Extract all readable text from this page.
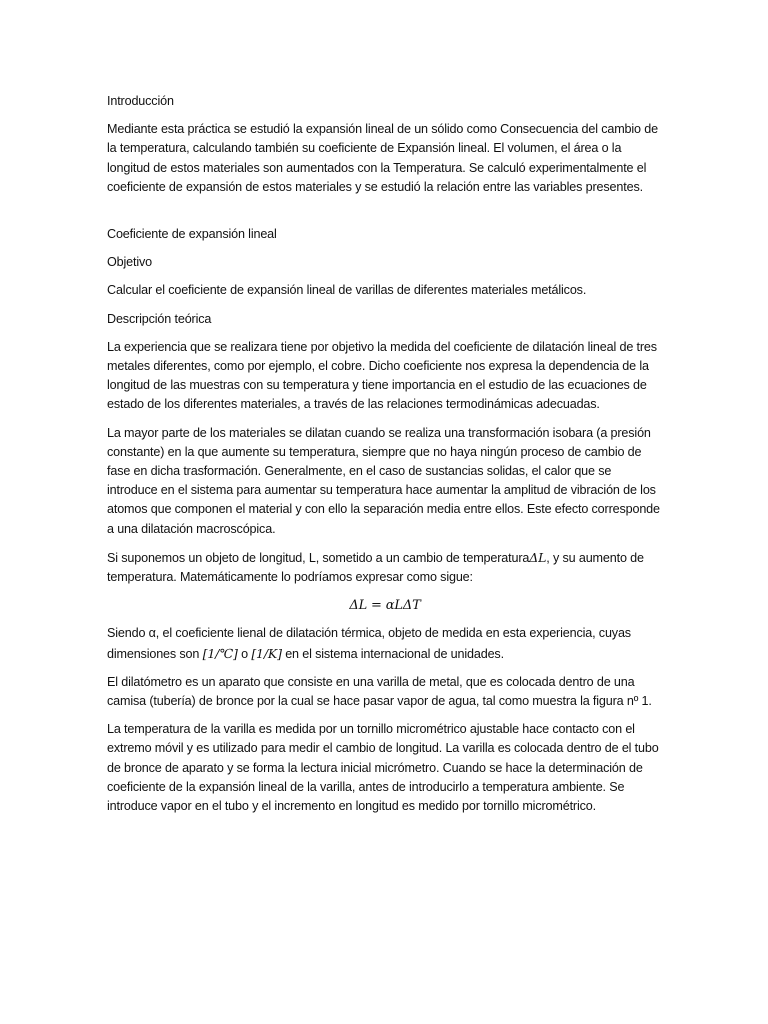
Introducción

Mediante esta práctica se estudió la expansión lineal de un sólido como Consecuencia del cambio de la temperatura, calculando también su coeficiente de Expansión lineal. El volumen, el área o la longitud de estos materiales son aumentados con la Temperatura. Se calculó experimentalmente el coeficiente de expansión de estos materiales y se estudió la relación entre las variables presentes.

Coeficiente de expansión lineal

Objetivo

Calcular el coeficiente de expansión lineal de varillas de diferentes materiales metálicos.

Descripción teórica

La experiencia que se realizara tiene por objetivo la medida del coeficiente de dilatación lineal de tres metales diferentes, como por ejemplo, el cobre. Dicho coeficiente nos expresa la dependencia de la longitud de las muestras con su temperatura y tiene importancia en el estudio de las ecuaciones de estado de los diferentes materiales, a través de las relaciones termodinámicas adecuadas.

La mayor parte de los materiales se dilatan cuando se realiza una transformación isobara (a presión constante) en la que aumente su temperatura, siempre que no haya ningún proceso de cambio de fase en dicha trasformación. Generalmente, en el caso de sustancias solidas, el calor que se introduce en el sistema para aumentar su temperatura hace aumentar la amplitud de vibración de los atomos que componen el material y con ello la separación media entre ellos. Este efecto corresponde a una dilatación macroscópica.

Si suponemos un objeto de longitud, L, sometido a un cambio de temperaturaΔL, y su aumento de temperatura. Matemáticamente lo podríamos expresar como sigue:

ΔL = αLΔT

Siendo α, el coeficiente lienal de dilatación térmica, objeto de medida en esta experiencia, cuyas dimensiones son [1/℃] o [1/K] en el sistema internacional de unidades.

El dilatómetro es un aparato que consiste en una varilla de metal, que es colocada dentro de una camisa (tubería) de bronce por la cual se hace pasar vapor de agua, tal como muestra la figura nº 1.

La temperatura de la varilla es medida por un tornillo micrométrico ajustable hace contacto con el extremo móvil y es utilizado para medir el cambio de longitud. La varilla es colocada dentro de el tubo de bronce de aparato y se forma la lectura inicial micrómetro. Cuando se hace la determinación de coeficiente de la expansión lineal de la varilla, antes de introducirlo a temperatura ambiente. Se introduce vapor en el tubo y el incremento en longitud es medido por tornillo micrométrico.
